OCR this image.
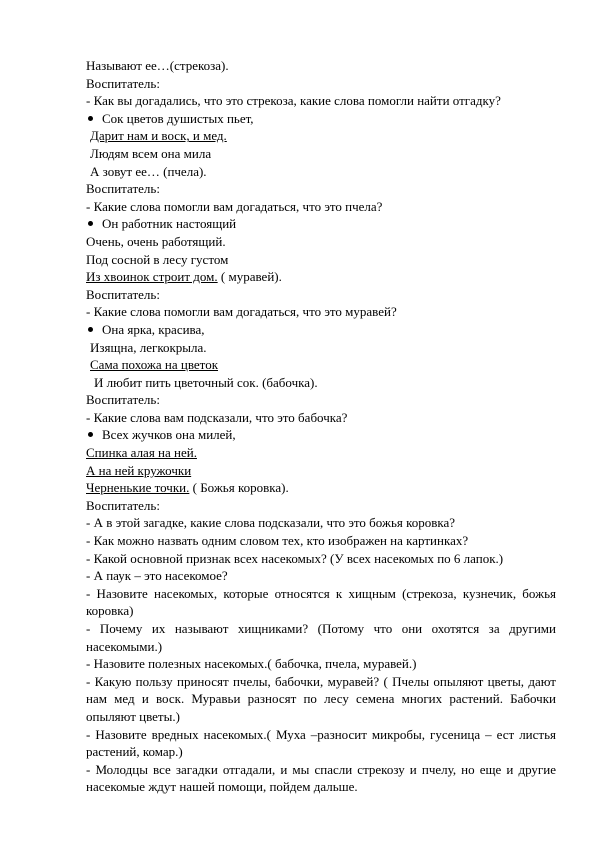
Называют ее…(стрекоза).
Воспитатель:
- Как вы догадались, что это стрекоза, какие слова помогли найти отгадку?
Сок цветов душистых пьет,
Дарит нам и воск, и мед.
Людям всем она мила
А зовут ее… (пчела).
Воспитатель:
- Какие слова помогли вам догадаться, что это пчела?
Он работник настоящий
Очень, очень работящий.
Под сосной в лесу густом
Из хвоинок строит дом. ( муравей).
Воспитатель:
- Какие слова помогли вам догадаться, что это муравей?
Она ярка, красива,
Изящна, легкокрыла.
Сама похожа на цветок
И любит пить цветочный сок. (бабочка).
Воспитатель:
- Какие слова вам подсказали, что это бабочка?
Всех жучков она милей,
Спинка алая на ней.
А на ней кружочки
Черненькие точки. ( Божья коровка).
Воспитатель:
- А в этой загадке, какие слова подсказали, что это божья коровка?
- Как можно назвать одним словом тех, кто изображен на картинках?
- Какой основной признак всех насекомых? (У всех насекомых по 6 лапок.)
- А паук – это насекомое?
- Назовите насекомых, которые относятся к хищным (стрекоза, кузнечик, божья коровка)
- Почему их называют хищниками? (Потому что они охотятся за другими насекомыми.)
- Назовите полезных насекомых.( бабочка, пчела, муравей.)
- Какую пользу приносят пчелы, бабочки, муравей? ( Пчелы опыляют цветы, дают нам мед и воск. Муравьи разносят по лесу семена многих растений. Бабочки опыляют цветы.)
- Назовите вредных насекомых.( Муха –разносит микробы, гусеница – ест листья растений, комар.)
- Молодцы все загадки отгадали, и мы спасли стрекозу и пчелу, но еще и другие насекомые ждут нашей помощи, пойдем дальше.
